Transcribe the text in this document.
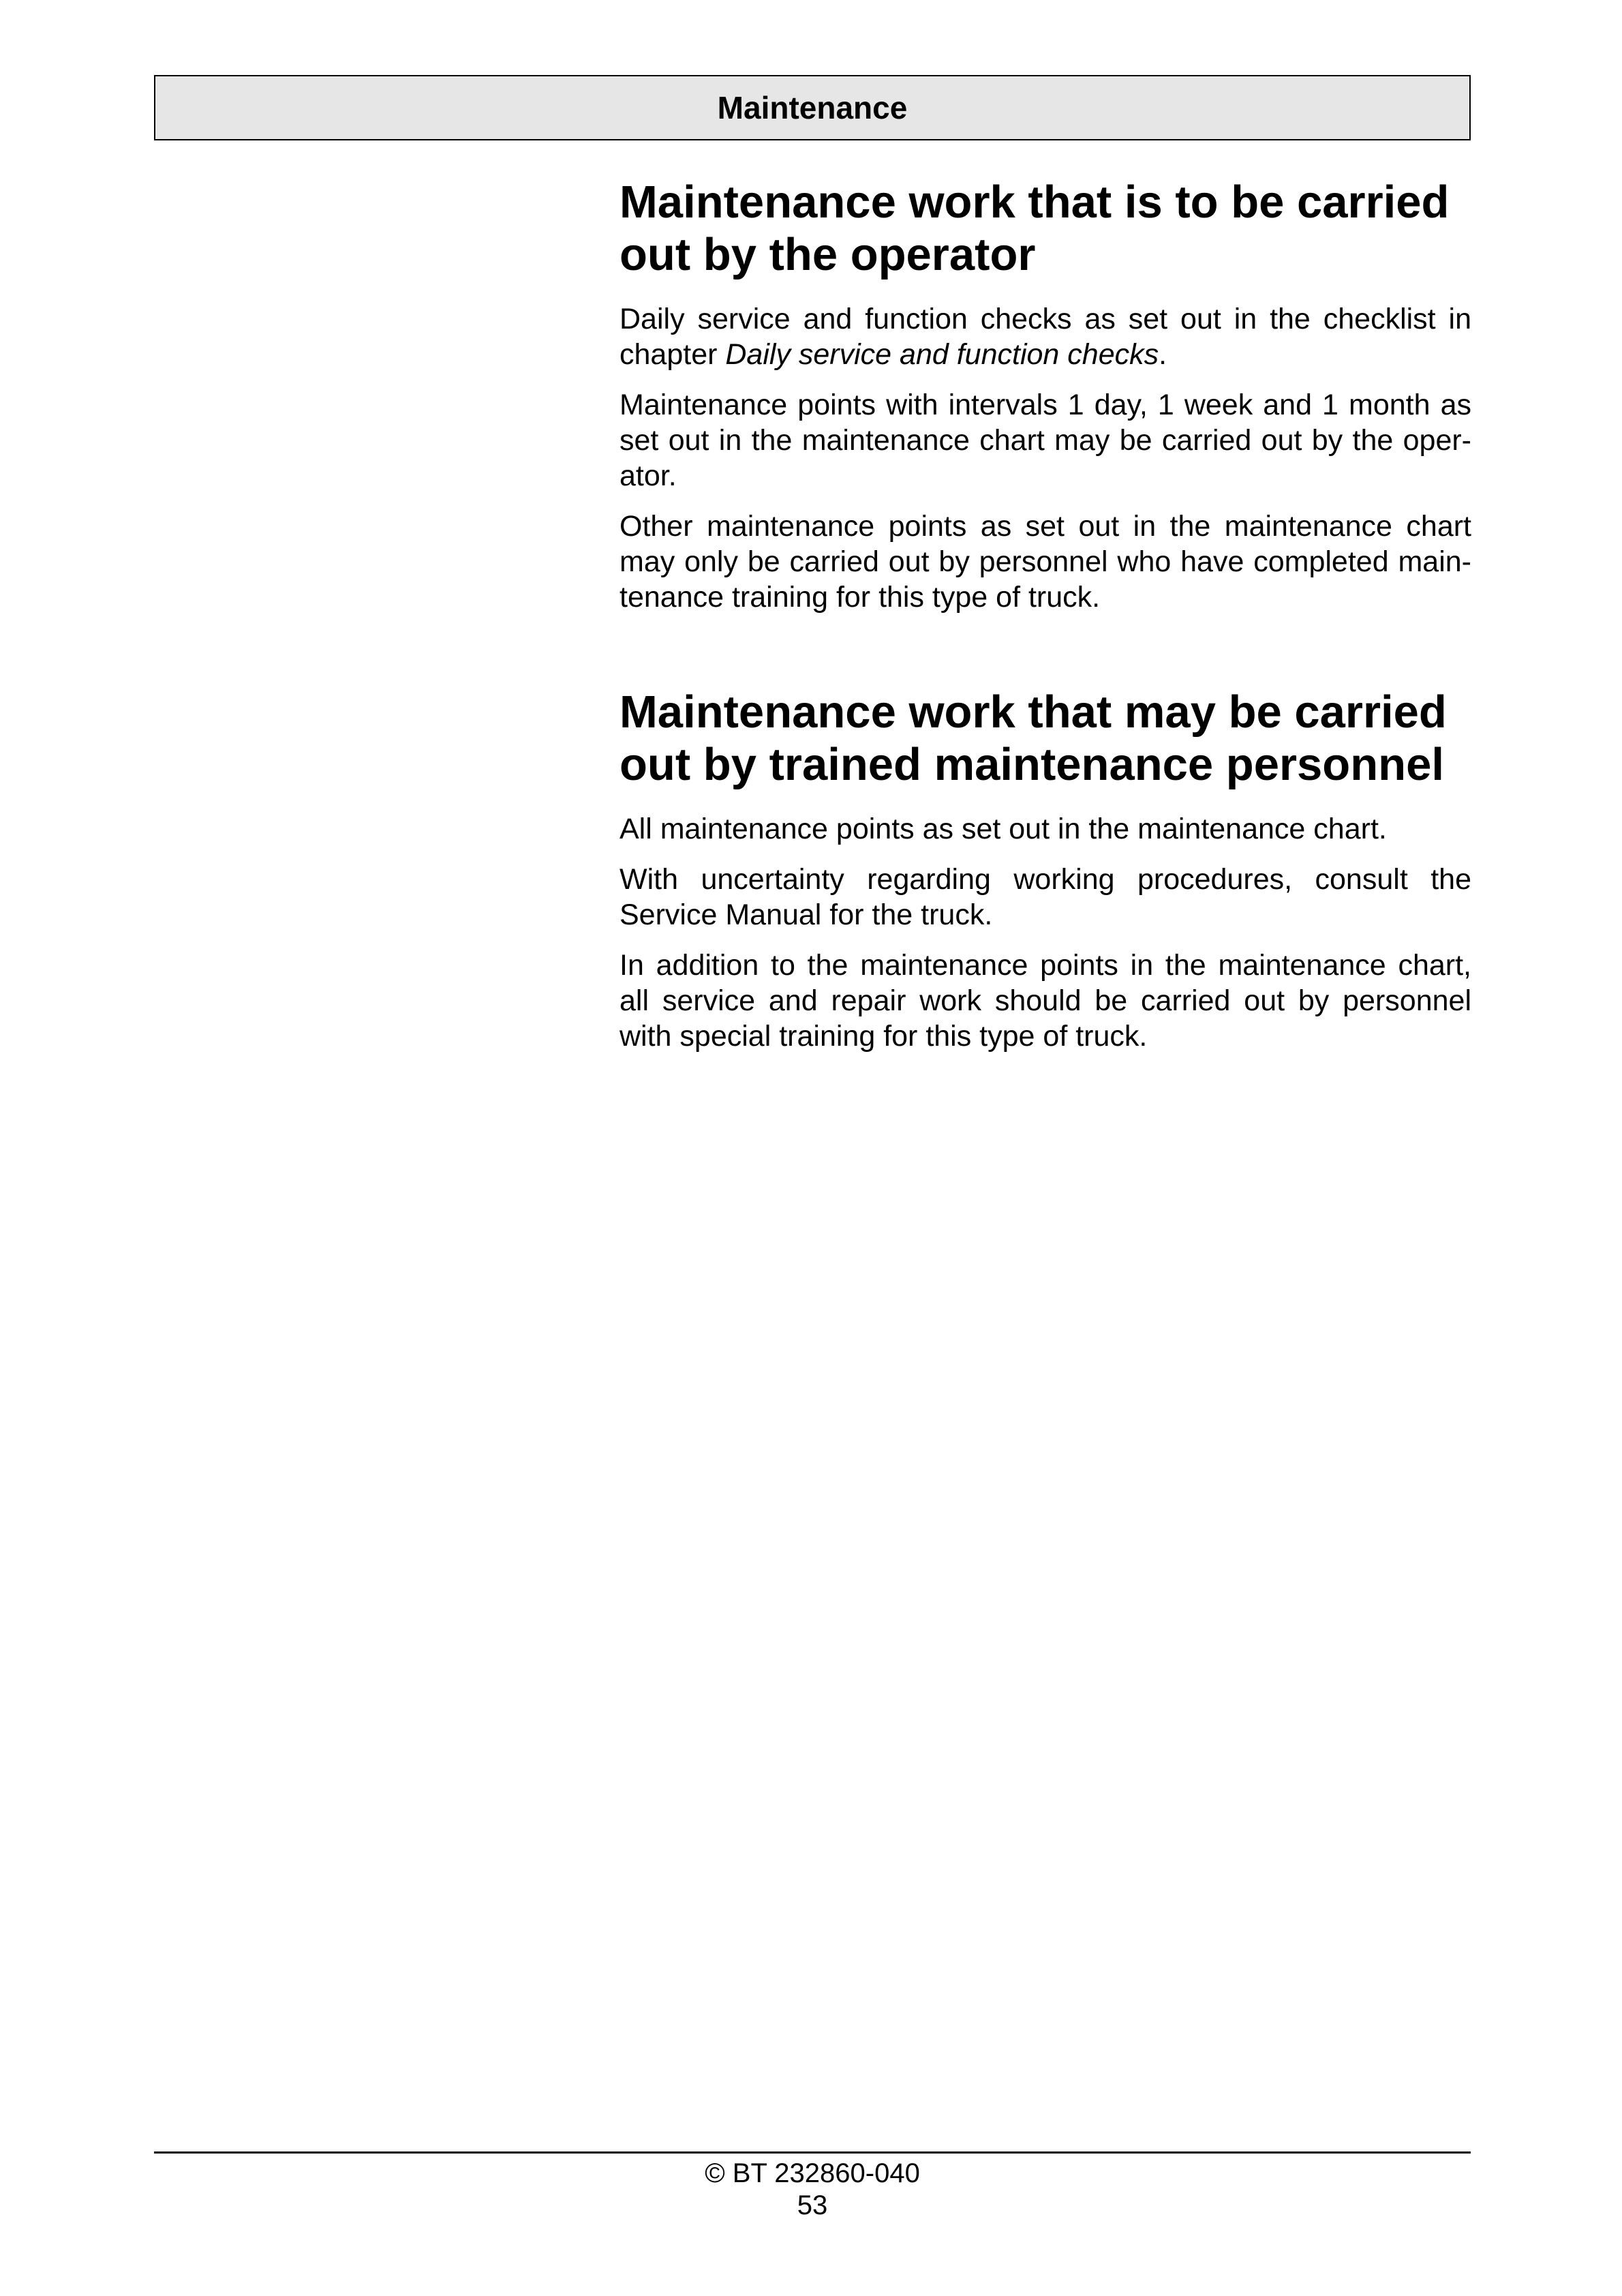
Maintenance
Maintenance work that is to be carried out by the operator

Daily service and function checks as set out in the checklist in chapter Daily service and function checks.

Maintenance points with intervals 1 day, 1 week and 1 month as set out in the maintenance chart may be carried out by the oper-ator.

Other maintenance points as set out in the maintenance chart may only be carried out by personnel who have completed main-tenance training for this type of truck.

Maintenance work that may be carried out by trained maintenance personnel

All maintenance points as set out in the maintenance chart.

With uncertainty regarding working procedures, consult the Service Manual for the truck.

In addition to the maintenance points in the maintenance chart, all service and repair work should be carried out by personnel with special training for this type of truck.

© BT 232860-040
53
